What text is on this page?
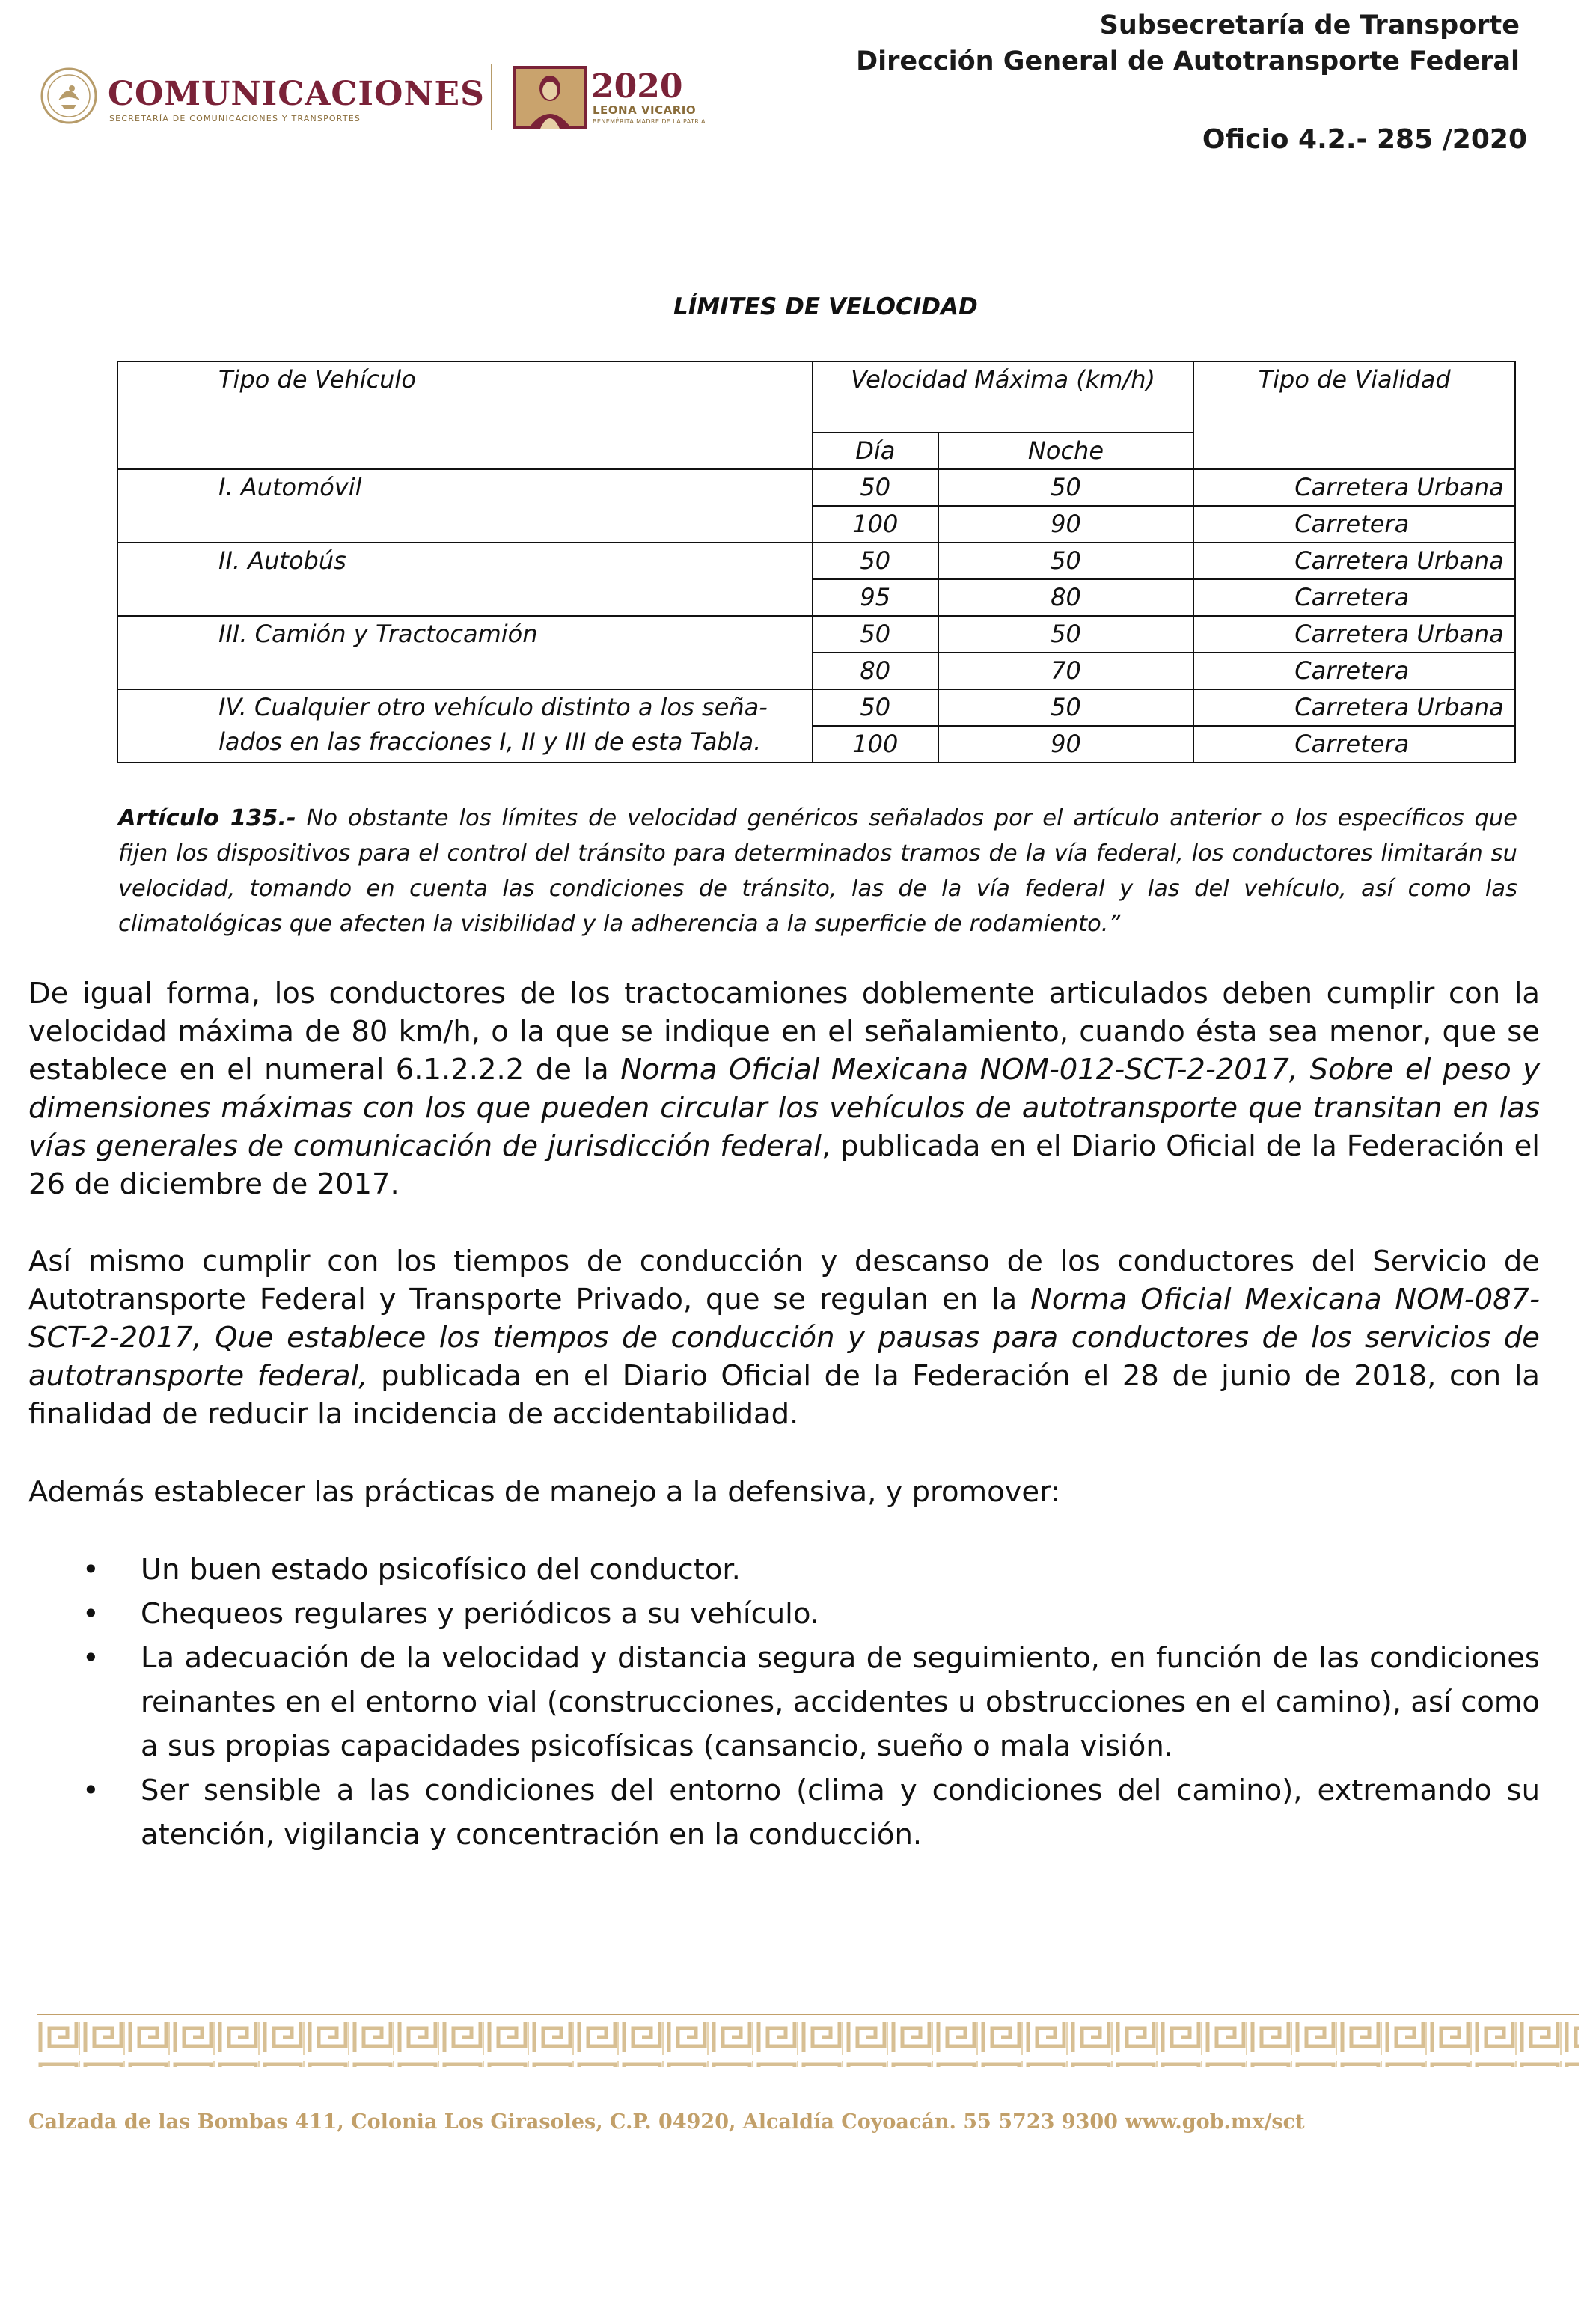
COMUNICACIONES
SECRETARÍA DE COMUNICACIONES Y TRANSPORTES
2020
LEONA VICARIO
BENEMÉRITA MADRE DE LA PATRIA
Subsecretaría de Transporte
Dirección General de Autotransporte Federal
Oficio 4.2.- 285 /2020
LÍMITES DE VELOCIDAD
Tipo de Vehículo	Velocidad Máxima (km/h)		Tipo de Vialidad
	Día	Noche	
I. Automóvil	50	50	Carretera Urbana
	100	90	Carretera
II. Autobús	50	50	Carretera Urbana
	95	80	Carretera
III. Camión y Tractocamión	50	50	Carretera Urbana
	80	70	Carretera
IV. Cualquier otro vehículo distinto a los seña- lados en las fracciones I, II y III de esta Tabla.	50	50	Carretera Urbana
	100	90	Carretera
Artículo 135.- No obstante los límites de velocidad genéricos señalados por el artículo anterior o los específicos que fijen los dispositivos para el control del tránsito para determinados tramos de la vía federal, los conductores limitarán su velocidad, tomando en cuenta las condiciones de tránsito, las de la vía federal y las del vehículo, así como las climatológicas que afecten la visibilidad y la adherencia a la superficie de rodamiento.”
De igual forma, los conductores de los tractocamiones doblemente articulados deben cumplir con la velocidad máxima de 80 km/h, o la que se indique en el señalamiento, cuando ésta sea menor, que se establece en el numeral 6.1.2.2.2 de la Norma Oficial Mexicana NOM-012-SCT-2-2017, Sobre el peso y dimensiones máximas con los que pueden circular los vehículos de autotransporte que transitan en las vías generales de comunicación de jurisdicción federal, publicada en el Diario Oficial de la Federación el 26 de diciembre de 2017.
Así mismo cumplir con los tiempos de conducción y descanso de los conductores del Servicio de Autotransporte Federal y Transporte Privado, que se regulan en la Norma Oficial Mexicana NOM-087-SCT-2-2017, Que establece los tiempos de conducción y pausas para conductores de los servicios de autotransporte federal, publicada en el Diario Oficial de la Federación el 28 de junio de 2018, con la finalidad de reducir la incidencia de accidentabilidad.
Además establecer las prácticas de manejo a la defensiva, y promover:
• Un buen estado psicofísico del conductor.
• Chequeos regulares y periódicos a su vehículo.
• La adecuación de la velocidad y distancia segura de seguimiento, en función de las condiciones reinantes en el entorno vial (construcciones, accidentes u obstrucciones en el camino), así como a sus propias capacidades psicofísicas (cansancio, sueño o mala visión.
• Ser sensible a las condiciones del entorno (clima y condiciones del camino), extremando su atención, vigilancia y concentración en la conducción.
Calzada de las Bombas 411, Colonia Los Girasoles, C.P. 04920, Alcaldía Coyoacán. 55 5723 9300 www.gob.mx/sct
